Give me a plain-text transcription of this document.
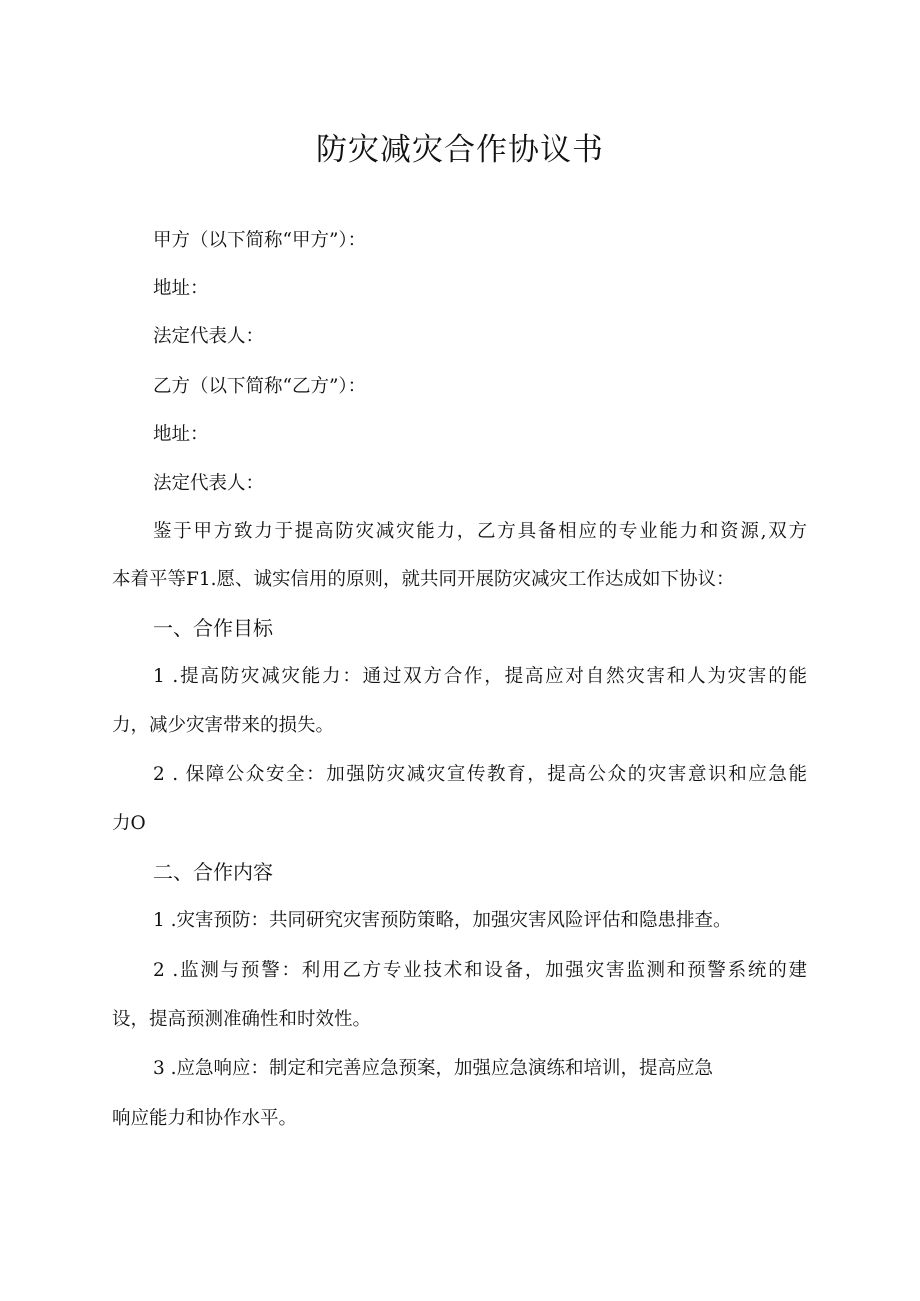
防灾减灾合作协议书
甲方（以下简称“甲方”）：
地址：
法定代表人：
乙方（以下简称“乙方”）：
地址：
法定代表人：
鉴于甲方致力于提高防灾减灾能力，乙方具备相应的专业能力和资源,双方
本着平等F1.愿、诚实信用的原则，就共同开展防灾减灾工作达成如下协议：
一、合作目标
1 .提高防灾减灾能力：通过双方合作，提高应对自然灾害和人为灾害的能
力，减少灾害带来的损失。
2 . 保障公众安全：加强防灾减灾宣传教育，提高公众的灾害意识和应急能
力O
二、合作内容
1 .灾害预防：共同研究灾害预防策略，加强灾害风险评估和隐患排查。
2 .监测与预警：利用乙方专业技术和设备，加强灾害监测和预警系统的建
设，提高预测准确性和时效性。
3 .应急响应：制定和完善应急预案，加强应急演练和培训，提高应急
响应能力和协作水平。
